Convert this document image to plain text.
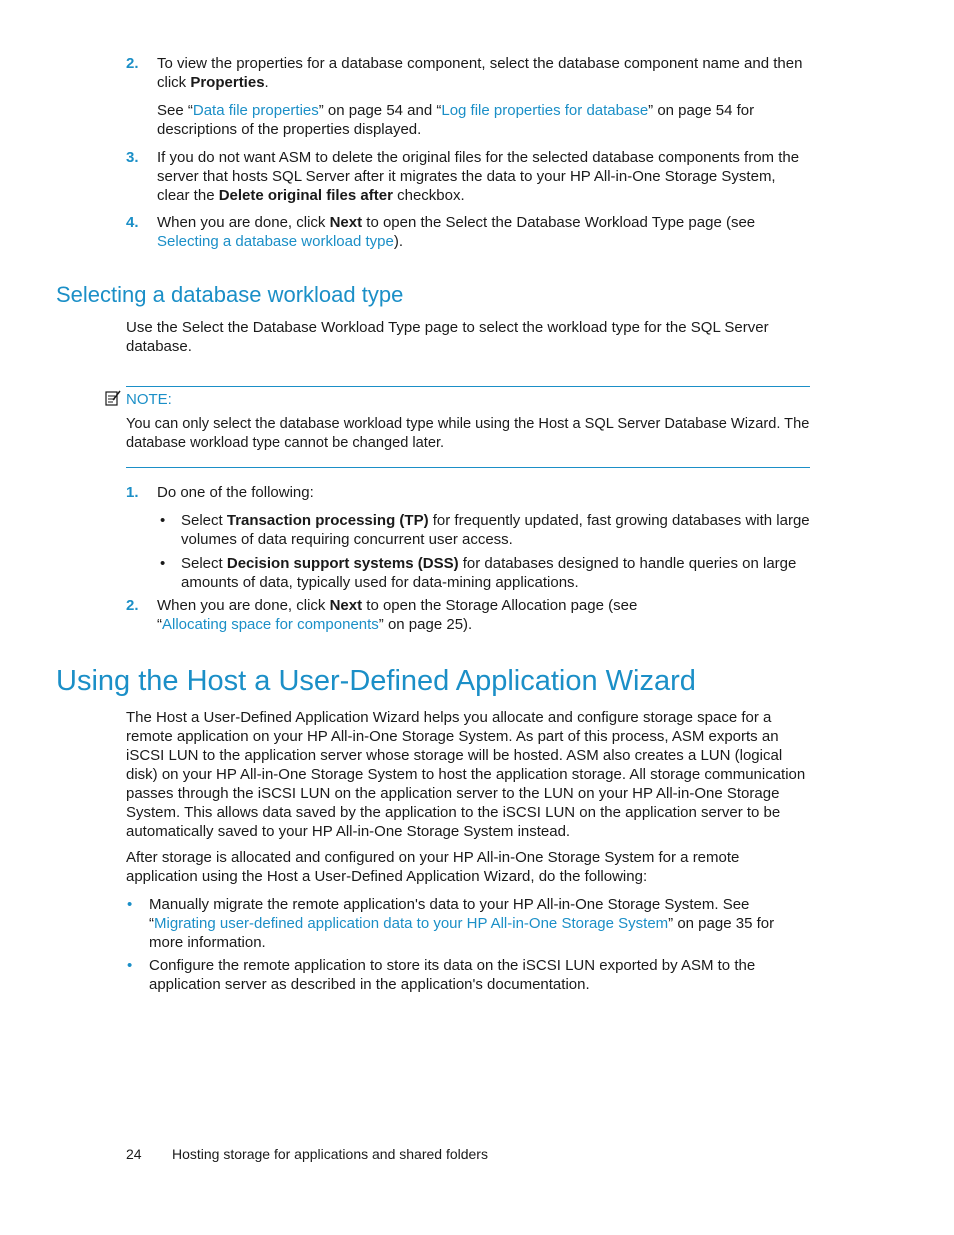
2. To view the properties for a database component, select the database component name and then click Properties.
See “Data file properties” on page 54 and “Log file properties for database” on page 54 for descriptions of the properties displayed.
3. If you do not want ASM to delete the original files for the selected database components from the server that hosts SQL Server after it migrates the data to your HP All-in-One Storage System, clear the Delete original files after checkbox.
4. When you are done, click Next to open the Select the Database Workload Type page (see Selecting a database workload type).
Selecting a database workload type
Use the Select the Database Workload Type page to select the workload type for the SQL Server database.
NOTE:
You can only select the database workload type while using the Host a SQL Server Database Wizard. The database workload type cannot be changed later.
1. Do one of the following:
• Select Transaction processing (TP) for frequently updated, fast growing databases with large volumes of data requiring concurrent user access.
• Select Decision support systems (DSS) for databases designed to handle queries on large amounts of data, typically used for data-mining applications.
2. When you are done, click Next to open the Storage Allocation page (see “Allocating space for components” on page 25).
Using the Host a User-Defined Application Wizard
The Host a User-Defined Application Wizard helps you allocate and configure storage space for a remote application on your HP All-in-One Storage System. As part of this process, ASM exports an iSCSI LUN to the application server whose storage will be hosted. ASM also creates a LUN (logical disk) on your HP All-in-One Storage System to host the application storage. All storage communication passes through the iSCSI LUN on the application server to the LUN on your HP All-in-One Storage System. This allows data saved by the application to the iSCSI LUN on the application server to be automatically saved to your HP All-in-One Storage System instead.
After storage is allocated and configured on your HP All-in-One Storage System for a remote application using the Host a User-Defined Application Wizard, do the following:
• Manually migrate the remote application's data to your HP All-in-One Storage System. See “Migrating user-defined application data to your HP All-in-One Storage System” on page 35 for more information.
• Configure the remote application to store its data on the iSCSI LUN exported by ASM to the application server as described in the application's documentation.
24 Hosting storage for applications and shared folders
